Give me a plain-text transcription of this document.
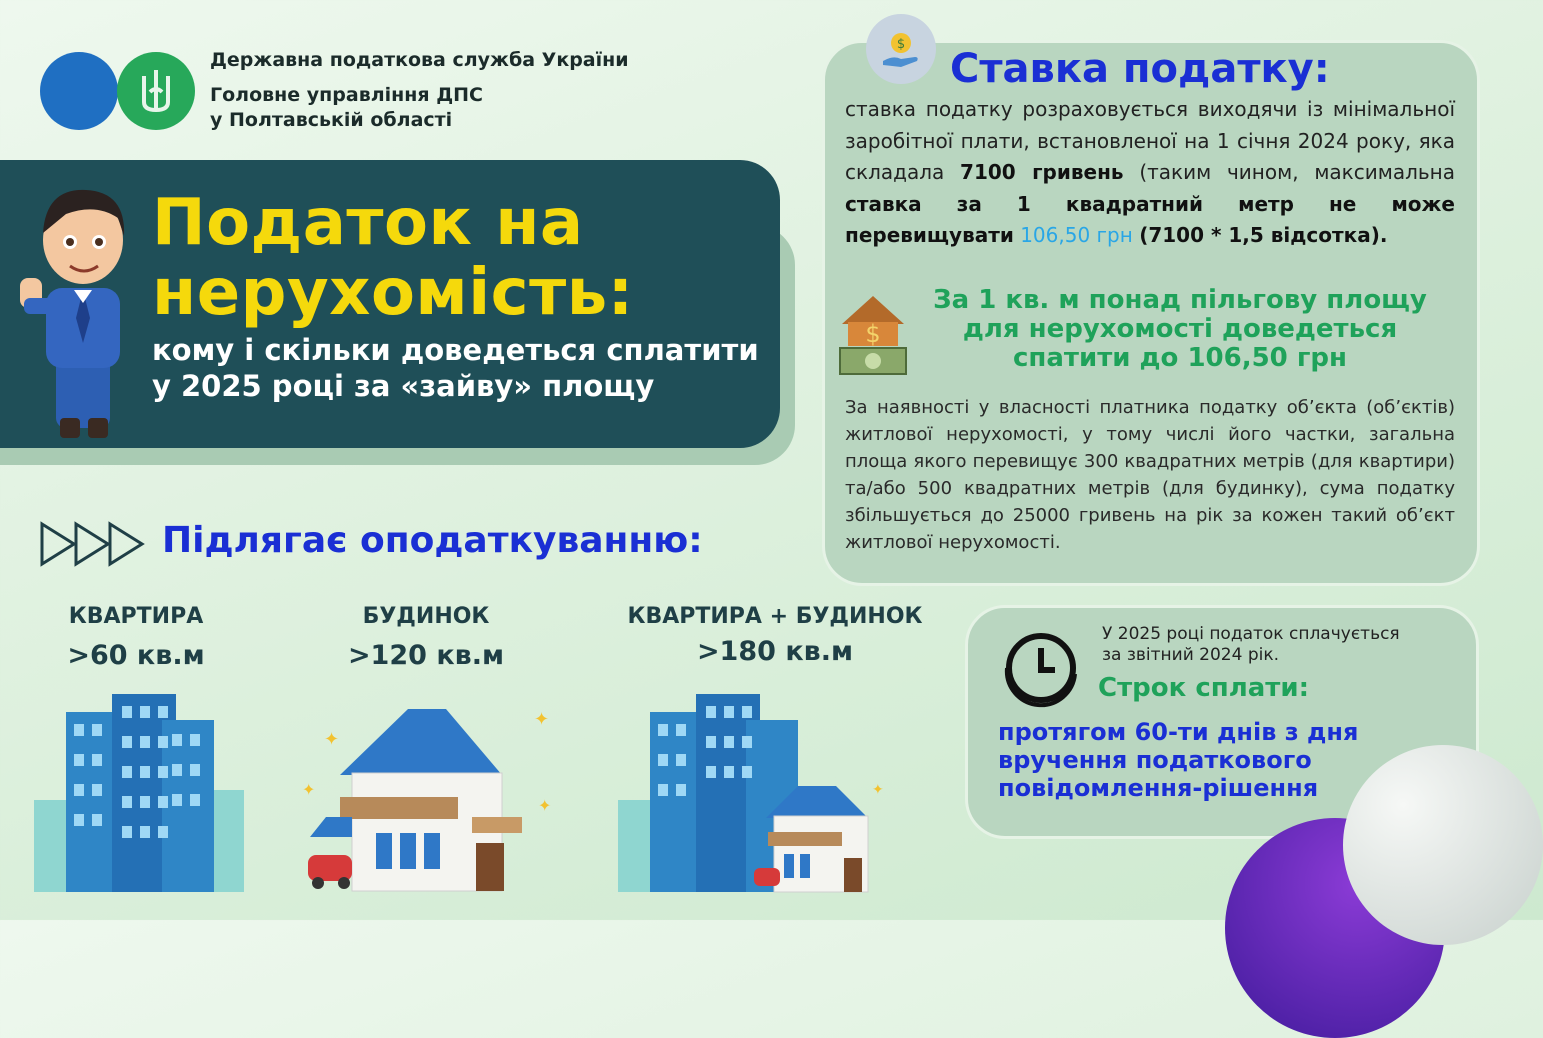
Державна податкова служба України
Головне управління ДПС
у Полтавській області
Податок на
нерухомість:
кому і скільки доведеться сплатити
у 2025 році за «зайву» площу
$
Ставка податку:
ставка податку розраховується виходячи із мінімальної заробітної плати, встановленої на 1 січня 2024 року, яка складала 7100 гривень (таким чином, максимальна ставка за 1 квадратний метр не може перевищувати 106,50 грн (7100 * 1,5 відсотка).
$
За 1 кв. м понад пільгову площу
для нерухомості доведеться
спатити до 106,50 грн
За наявності у власності платника податку об’єкта (об’єктів) житлової нерухомості, у тому числі його частки, загальна площа якого перевищує 300 квадратних метрів (для квартири) та/або 500 квадратних метрів (для будинку), сума податку збільшується до 25000 гривень на рік за кожен такий об’єкт житлової нерухомості.
Підлягає оподаткуванню:
КВАРТИРА
>60 кв.м
БУДИНОК
>120 кв.м
КВАРТИРА + БУДИНОК
>180 кв.м
✦
✦
✦
✦	✦
У 2025 році податок сплачується
за звітний 2024 рік.
Строк сплати:
протягом 60-ти днів з дня
вручення податкового
повідомлення-рішення
